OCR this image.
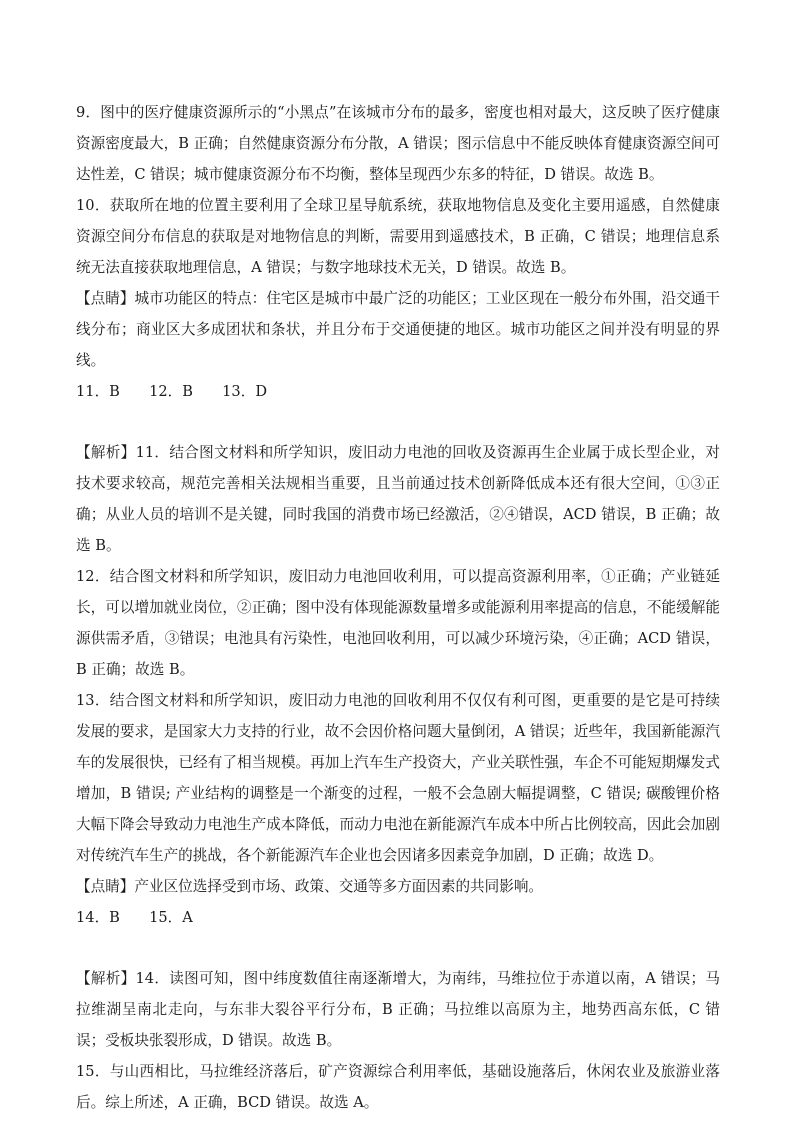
9．图中的医疗健康资源所示的“小黑点”在该城市分布的最多，密度也相对最大，这反映了医疗健康资源密度最大，B 正确；自然健康资源分布分散，A 错误；图示信息中不能反映体育健康资源空间可达性差，C 错误；城市健康资源分布不均衡，整体呈现西少东多的特征，D 错误。故选 B。

10．获取所在地的位置主要利用了全球卫星导航系统，获取地物信息及变化主要用遥感，自然健康资源空间分布信息的获取是对地物信息的判断，需要用到遥感技术，B 正确，C 错误；地理信息系统无法直接获取地理信息，A 错误；与数字地球技术无关，D 错误。故选 B。

【点睛】城市功能区的特点：住宅区是城市中最广泛的功能区；工业区现在一般分布外围，沿交通干线分布；商业区大多成团状和条状，并且分布于交通便捷的地区。城市功能区之间并没有明显的界线。

11．B　　12．B　　13．D

【解析】11．结合图文材料和所学知识，废旧动力电池的回收及资源再生企业属于成长型企业，对技术要求较高，规范完善相关法规相当重要，且当前通过技术创新降低成本还有很大空间，①③正确；从业人员的培训不是关键，同时我国的消费市场已经激活，②④错误，ACD 错误，B 正确；故选 B。

12．结合图文材料和所学知识，废旧动力电池回收利用，可以提高资源利用率，①正确；产业链延长，可以增加就业岗位，②正确；图中没有体现能源数量增多或能源利用率提高的信息，不能缓解能源供需矛盾，③错误；电池具有污染性，电池回收利用，可以减少环境污染，④正确；ACD 错误，B 正确；故选 B。

13．结合图文材料和所学知识，废旧动力电池的回收利用不仅仅有利可图，更重要的是它是可持续发展的要求，是国家大力支持的行业，故不会因价格问题大量倒闭，A 错误；近些年，我国新能源汽车的发展很快，已经有了相当规模。再加上汽车生产投资大，产业关联性强，车企不可能短期爆发式增加，B 错误; 产业结构的调整是一个渐变的过程，一般不会急剧大幅提调整，C 错误; 碳酸锂价格大幅下降会导致动力电池生产成本降低，而动力电池在新能源汽车成本中所占比例较高，因此会加剧对传统汽车生产的挑战，各个新能源汽车企业也会因诸多因素竞争加剧，D 正确；故选 D。

【点睛】产业区位选择受到市场、政策、交通等多方面因素的共同影响。

14．B　　15．A

【解析】14．读图可知，图中纬度数值往南逐渐增大，为南纬，马维拉位于赤道以南，A 错误；马拉维湖呈南北走向，与东非大裂谷平行分布，B 正确；马拉维以高原为主，地势西高东低，C 错误；受板块张裂形成，D 错误。故选 B。

15．与山西相比，马拉维经济落后，矿产资源综合利用率低，基础设施落后，休闲农业及旅游业落后。综上所述，A 正确，BCD 错误。故选 A。
